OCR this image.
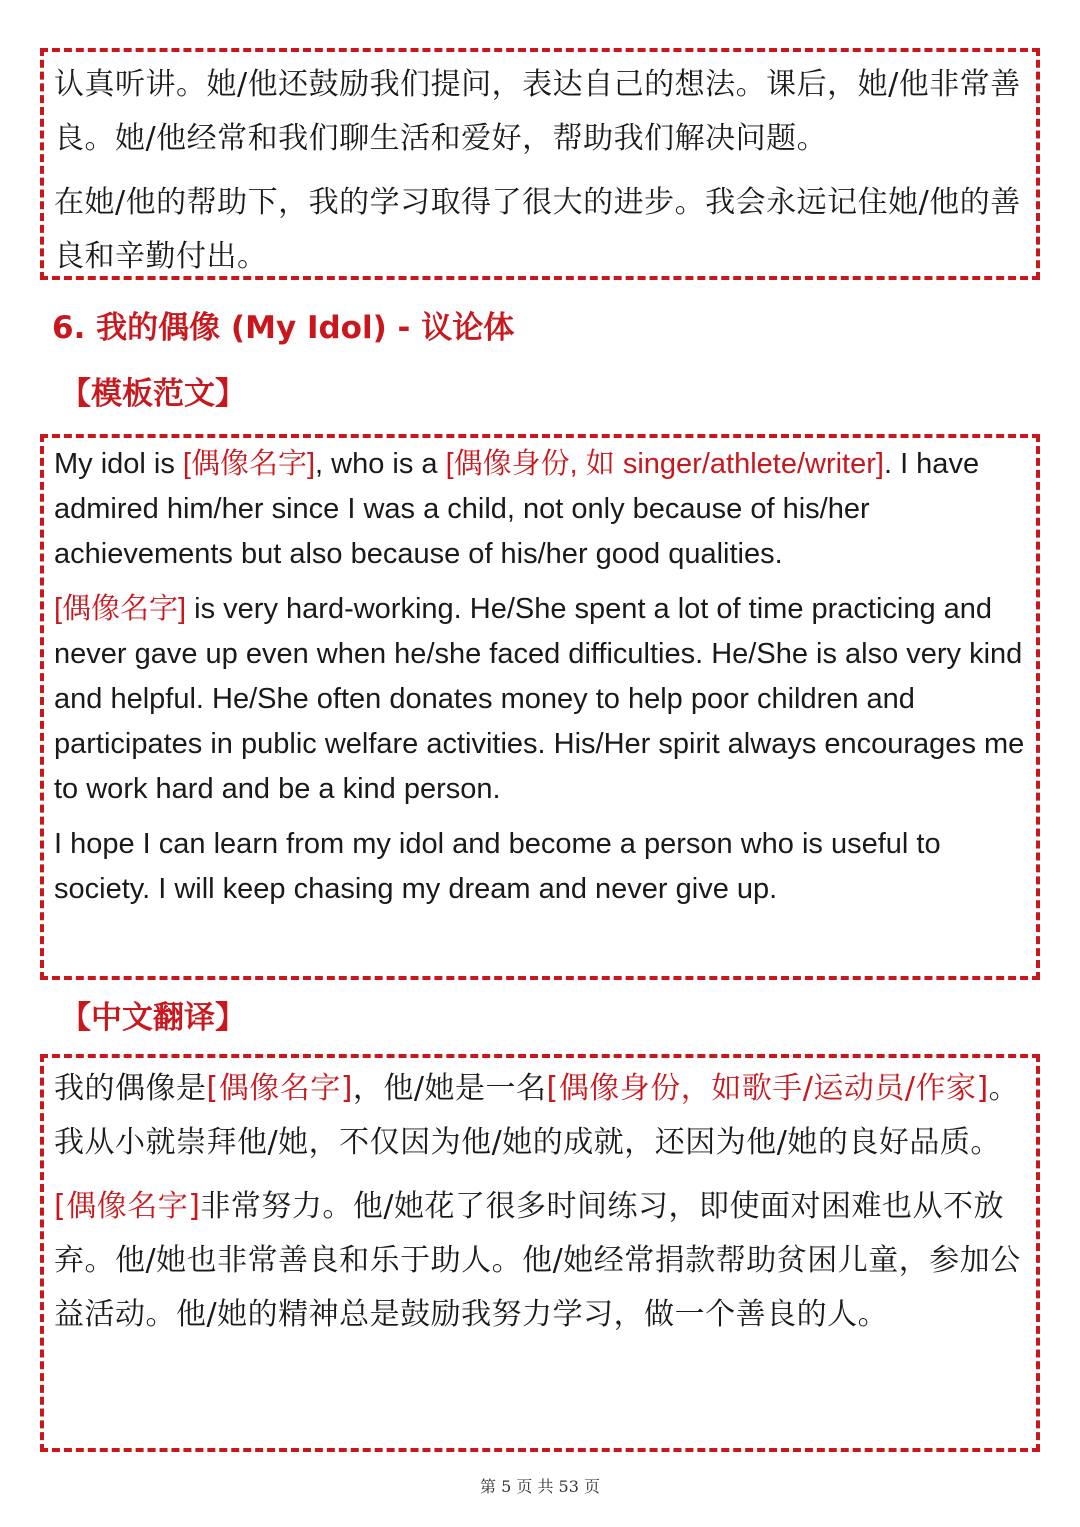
认真听讲。她/他还鼓励我们提问，表达自己的想法。课后，她/他非常善良。她/他经常和我们聊生活和爱好，帮助我们解决问题。

在她/他的帮助下，我的学习取得了很大的进步。我会永远记住她/他的善良和辛勤付出。

6. 我的偶像 (My Idol) - 议论体

【模板范文】

My idol is [偶像名字], who is a [偶像身份, 如 singer/athlete/writer]. I have admired him/her since I was a child, not only because of his/her achievements but also because of his/her good qualities.

[偶像名字] is very hard-working. He/She spent a lot of time practicing and never gave up even when he/she faced difficulties. He/She is also very kind and helpful. He/She often donates money to help poor children and participates in public welfare activities. His/Her spirit always encourages me to work hard and be a kind person.

I hope I can learn from my idol and become a person who is useful to society. I will keep chasing my dream and never give up.

【中文翻译】

我的偶像是[偶像名字]，他/她是一名[偶像身份，如歌手/运动员/作家]。我从小就崇拜他/她，不仅因为他/她的成就，还因为他/她的良好品质。

[偶像名字]非常努力。他/她花了很多时间练习，即使面对困难也从不放弃。他/她也非常善良和乐于助人。他/她经常捐款帮助贫困儿童，参加公益活动。他/她的精神总是鼓励我努力学习，做一个善良的人。

第 5 页 共 53 页
